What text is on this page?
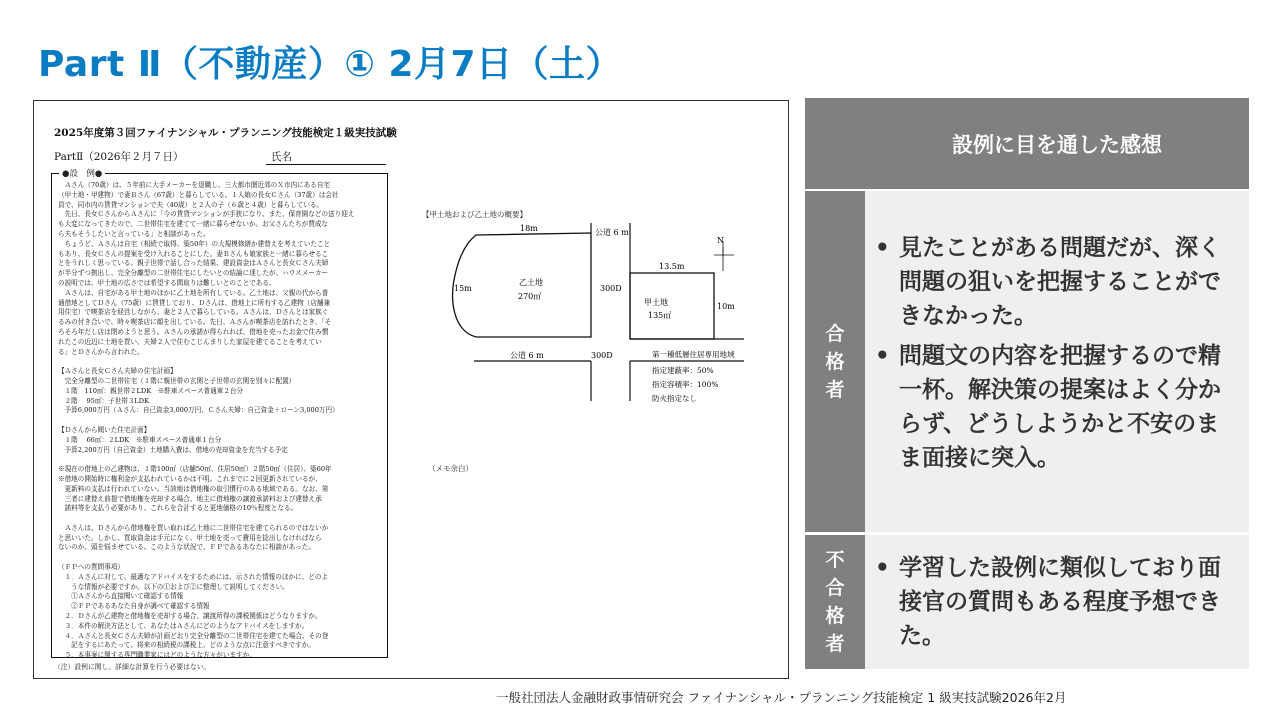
Part Ⅱ（不動産）① 2月7日（土）
2025年度第３回ファイナンシャル・プランニング技能検定１級実技試験
PartⅡ（2026年２月７日）	氏名
●設　例●

　Ａさん（70歳）は、５年前に大手メーカーを退職し、三大都市圏近郊のＸ市内にある自宅

（甲土地・甲建物）で妻Ｂさん（67歳）と暮らしている。１人娘の長女Ｃさん（37歳）は会社

員で、同市内の賃貸マンションで夫（40歳）と２人の子（６歳と４歳）と暮らしている。

　先日、長女ＣさんからＡさんに「今の賃貸マンションが手狭になり、また、保育園などの送り迎え

も大変になってきたので、二世帯住宅を建てて一緒に暮らせないか。お父さんたちが賛成な

ら夫もそうしたいと言っている」と相談があった。

　ちょうど、Ａさんは自宅（相続で取得、築50年）の大規模修繕か建替えを考えていたこと

もあり、長女Ｃさんの提案を受け入れることにした。妻Ｂさんも娘家族と一緒に暮らせるこ

とをうれしく思っている。親子世帯で話し合った結果、建設資金はＡさんと長女Ｃさん夫婦

が半分ずつ拠出し、完全分離型の二世帯住宅にしたいとの結論に達したが、ハウスメーカー

の説明では、甲土地の広さでは希望する間取りは難しいとのことである。

　Ａさんは、自宅がある甲土地のほかに乙土地を所有している。乙土地は、父親の代から普

通借地としてＤさん（75歳）に賃貸しており、Ｄさんは、借地上に所有する乙建物（店舗兼

用住宅）で喫茶店を経営しながら、妻と２人で暮らしている。Ａさんは、Ｄさんとは家族ぐ

るみの付き合いで、時々喫茶店に顔を出している。先日、Ａさんが喫茶店を訪れたとき、「そ

ろそろ年だし店は閉めようと思う。Ａさんの承諾が得られれば、借地を売ったお金で住み慣

れたこの近辺に土地を買い、夫婦２人で住むこじんまりした家屋を建てることを考えてい

る」とＤさんから言われた。

【Ａさんと長女Ｃさん夫婦の住宅計画】

　完全分離型の二世帯住宅（１階に親世帯の玄関と子世帯の玄関を別々に配置）

　１階　110㎡：親世帯２LDK　※駐車スペース普通車２台分

　２階　 95㎡：子世帯３LDK

　予算6,000万円（Ａさん：自己資金3,000万円、Ｃさん夫婦：自己資金＋ローン3,000万円）

【Ｄさんから聞いた住宅計画】

　１階　 66㎡：２LDK　※駐車スペース普通車１台分

　予算2,200万円（自己資金）土地購入費は、借地の売却資金を充当する予定

※現在の借地上の乙建物は、１階100㎡（店舗50㎡、住居50㎡）２階50㎡（住居）、築60年

※借地の開始時に権利金が支払われているかは不明。これまでに２回更新されているが、

　更新料の支払は行われていない。当該地は借地権の取引慣行のある地域である。なお、第

　三者に建替え前提で借地権を売却する場合、地主に借地権の譲渡承諾料および建替え承

　諾料等を支払う必要があり、これらを合計すると更地価格の10％程度となる。

　Ａさんは、Ｄさんから借地権を買い取れば乙土地に二世帯住宅を建てられるのではないか

と思いいた。しかし、買取資金は手元になく、甲土地を売って費用を捻出しなければなら

ないのか、頭を悩ませている。このような状況で、ＦＰであるあなたに相談があった。

（ＦＰへの質問事項）

　１．Ａさんに対して、最適なアドバイスをするためには、示された情報のほかに、どのよ

　　うな情報が必要ですか。以下の①および②に整理して説明してください。

　　①Ａさんから直接聞いて確認する情報

　　②ＦＰであるあなた自身が調べて確認する情報

　２．Ｄさんが乙建物と借地権を売却する場合、譲渡所得の課税関係はどうなりますか。

　３．本件の解決方法として、あなたはＡさんにどのようなアドバイスをしますか。

　４．Ａさんと長女Ｃさん夫婦が計画どおり完全分離型の二世帯住宅を建てた場合、その登

　　記をするにあたって、将来の相続税の課税上、どのような点に注意すべきですか。

　５．本事案に関する専門職業家にはどのような方々がいますか。

（注）設例に関し、詳細な計算を行う必要はない。
【甲土地および乙土地の概要】
N
乙土地
270㎡
18m
15m
公道 6 m
300D
13.5m
甲土地
135㎡
10m
公道 6 m	300D	第一種低層住居専用地域
指定建蔽率：50%
指定容積率：100%
防火指定なし
（メモ余白）
設例に目を通した感想
合
格
者
• 見たことがある問題だが、深く問題の狙いを把握することができなかった。
• 問題文の内容を把握するので精一杯。解決策の提案はよく分からず、どうしようかと不安のまま面接に突入。
不
合
格
者
• 学習した設例に類似しており面接官の質問もある程度予想できた。
一般社団法人金融財政事情研究会 ファイナンシャル・プランニング技能検定 1 級実技試験2026年2月
